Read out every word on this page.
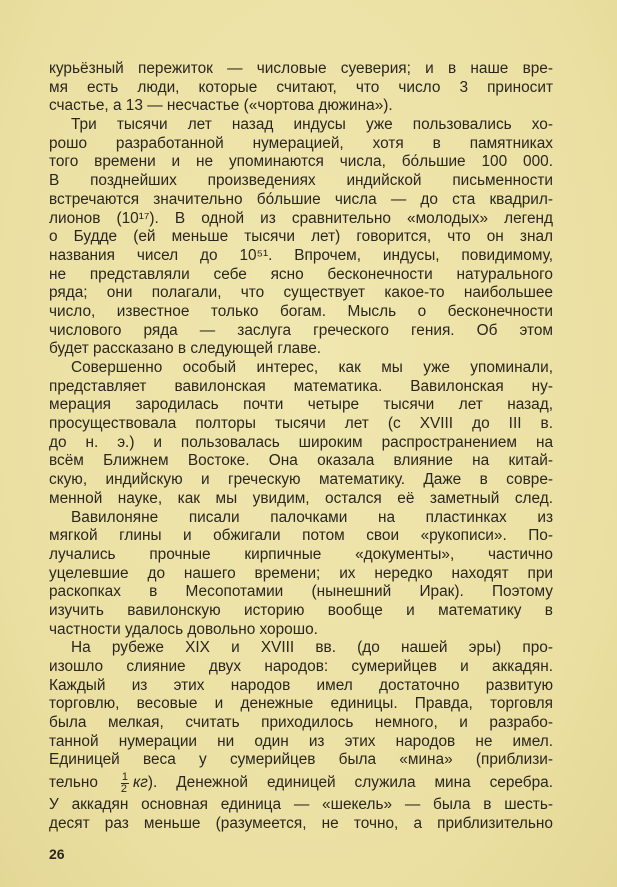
курьёзный пережиток — числовые суеверия; и в наше вре-
мя есть люди, которые считают, что число 3 приносит
счастье, а 13 — несчастье («чортова дюжина»).
Три тысячи лет назад индусы уже пользовались хо-
рошо разработанной нумерацией, хотя в памятниках
того времени и не упоминаются числа, бо́льшие 100 000.
В позднейших произведениях индийской письменности
встречаются значительно бо́льшие числа — до ста квадрил-
лионов (10¹⁷). В одной из сравнительно «молодых» легенд
о Будде (ей меньше тысячи лет) говорится, что он знал
названия чисел до 10⁵¹. Впрочем, индусы, повидимому,
не представляли себе ясно бесконечности натурального
ряда; они полагали, что существует какое-то наибольшее
число, известное только богам. Мысль о бесконечности
числового ряда — заслуга греческого гения. Об этом
будет рассказано в следующей главе.
Совершенно особый интерес, как мы уже упоминали,
представляет вавилонская математика. Вавилонская ну-
мерация зародилась почти четыре тысячи лет назад,
просуществовала полторы тысячи лет (с XVIII до III в.
до н. э.) и пользовалась широким распространением на
всём Ближнем Востоке. Она оказала влияние на китай-
скую, индийскую и греческую математику. Даже в совре-
менной науке, как мы увидим, остался её заметный след.
Вавилоняне писали палочками на пластинках из
мягкой глины и обжигали потом свои «рукописи». По-
лучались прочные кирпичные «документы», частично
уцелевшие до нашего времени; их нередко находят при
раскопках в Месопотамии (нынешний Ирак). Поэтому
изучить вавилонскую историю вообще и математику в
частности удалось довольно хорошо.
На рубеже XIX и XVIII вв. (до нашей эры) про-
изошло слияние двух народов: сумерийцев и аккадян.
Каждый из этих народов имел достаточно развитую
торговлю, весовые и денежные единицы. Правда, торговля
была мелкая, считать приходилось немного, и разрабо-
танной нумерации ни один из этих народов не имел.
Единицей веса у сумерийцев была «мина» (приблизи-
тельно $\frac{1}{2} кг$). Денежной единицей служила мина серебра.
У аккадян основная единица — «шекель» — была в шесть-
десят раз меньше (разумеется, не точно, а приблизительно
26
